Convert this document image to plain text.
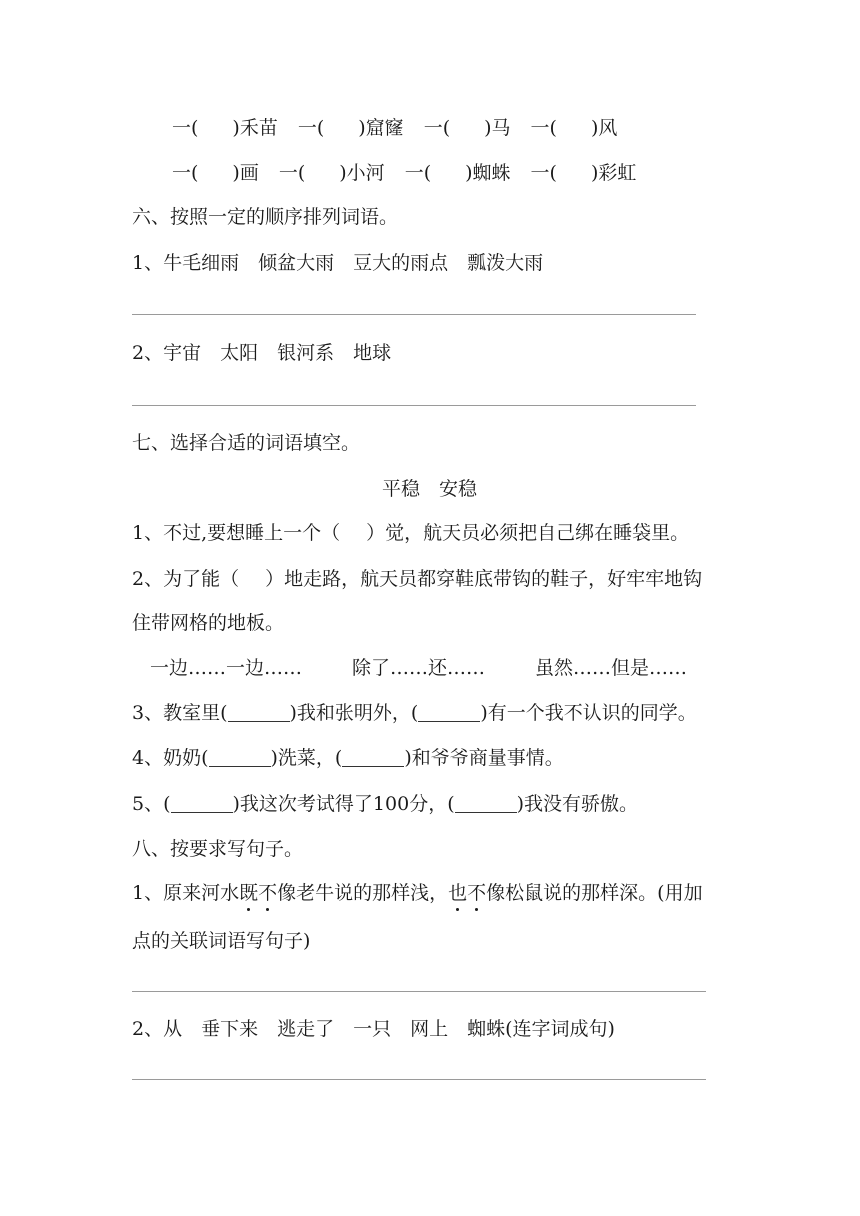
一( )禾苗 一( )窟窿 一( )马 一( )风
一( )画 一( )小河 一( )蜘蛛 一( )彩虹
六、按照一定的顺序排列词语。
1、牛毛细雨　倾盆大雨　豆大的雨点　瓢泼大雨
2、宇宙　太阳　银河系　地球
七、选择合适的词语填空。
平稳　安稳
1、不过,要想睡上一个（ ）觉，航天员必须把自己绑在睡袋里。
2、为了能（ ）地走路，航天员都穿鞋底带钩的鞋子，好牢牢地钩
住带网格的地板。
一边……一边……	除了……还……	虽然……但是……
3、教室里(	)我和张明外，(	)有一个我不认识的同学。
4、奶奶(	)洗菜，(	)和爷爷商量事情。
5、(	)我这次考试得了100分，(	)我没有骄傲。
八、按要求写句子。
1、原来河水既不像老牛说的那样浅，也不像松鼠说的那样深。(用加
点的关联词语写句子)
2、从　垂下来　逃走了　一只　网上　蜘蛛(连字词成句)
